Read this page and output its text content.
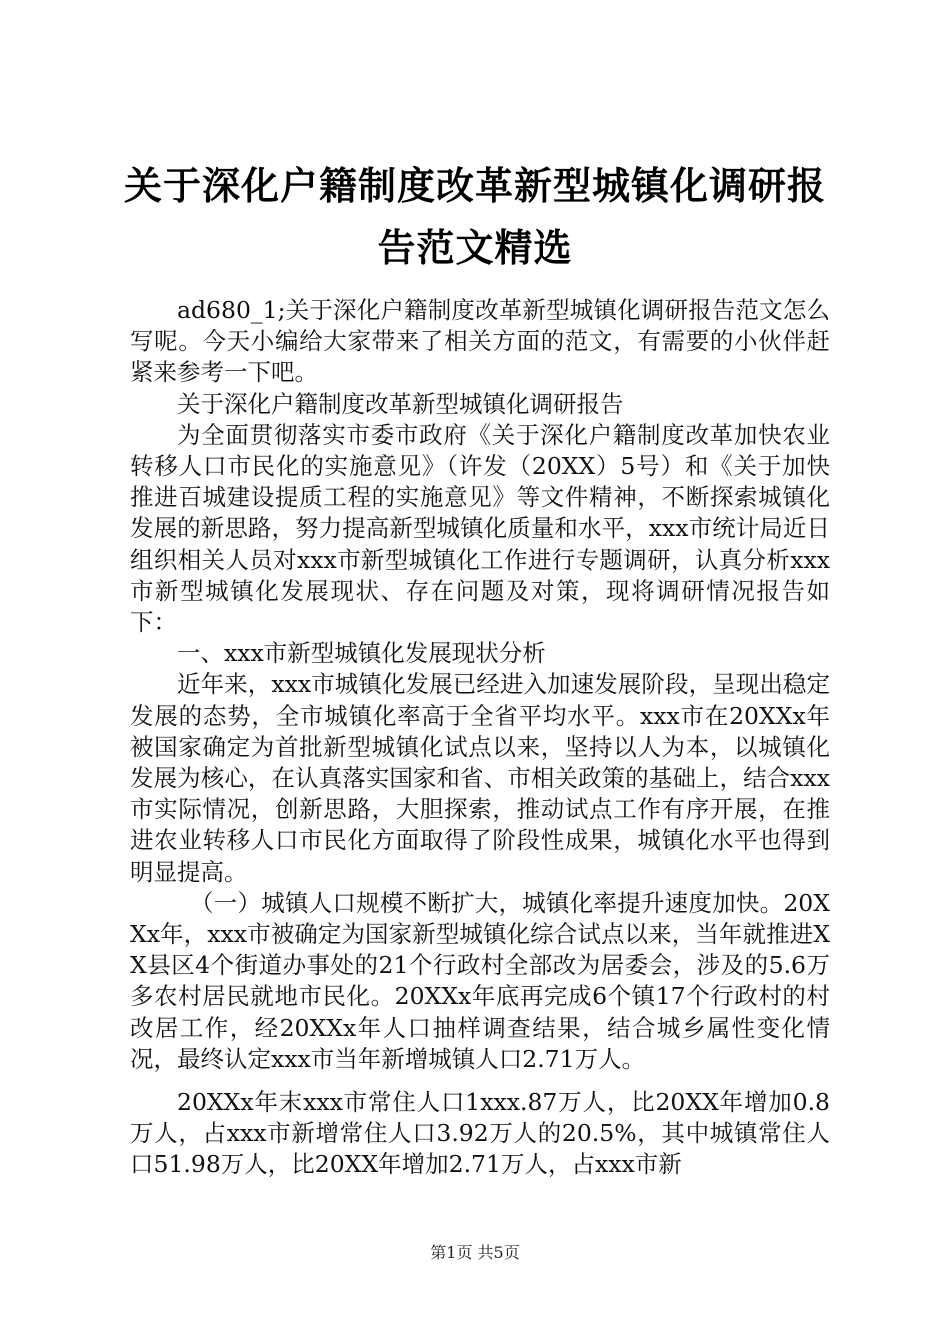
关于深化户籍制度改革新型城镇化调研报告范文精选

ad680_1;关于深化户籍制度改革新型城镇化调研报告范文怎么写呢。今天小编给大家带来了相关方面的范文，有需要的小伙伴赶紧来参考一下吧。

关于深化户籍制度改革新型城镇化调研报告

为全面贯彻落实市委市政府《关于深化户籍制度改革加快农业转移人口市民化的实施意见》（许发（20XX）5号）和《关于加快推进百城建设提质工程的实施意见》等文件精神，不断探索城镇化发展的新思路，努力提高新型城镇化质量和水平，xxx市统计局近日组织相关人员对xxx市新型城镇化工作进行专题调研，认真分析xxx市新型城镇化发展现状、存在问题及对策，现将调研情况报告如下：

一、xxx市新型城镇化发展现状分析

近年来，xxx市城镇化发展已经进入加速发展阶段，呈现出稳定发展的态势，全市城镇化率高于全省平均水平。xxx市在20XXx年被国家确定为首批新型城镇化试点以来，坚持以人为本，以城镇化发展为核心，在认真落实国家和省、市相关政策的基础上，结合xxx市实际情况，创新思路，大胆探索，推动试点工作有序开展，在推进农业转移人口市民化方面取得了阶段性成果，城镇化水平也得到明显提高。

（一）城镇人口规模不断扩大，城镇化率提升速度加快。20XXx年，xxx市被确定为国家新型城镇化综合试点以来，当年就推进XX县区4个街道办事处的21个行政村全部改为居委会，涉及的5.6万多农村居民就地市民化。20XXx年底再完成6个镇17个行政村的村改居工作，经20XXx年人口抽样调查结果，结合城乡属性变化情况，最终认定xxx市当年新增城镇人口2.71万人。

20XXx年末xxx市常住人口1xxx.87万人，比20XX年增加0.8万人，占xxx市新增常住人口3.92万人的20.5%，其中城镇常住人口51.98万人，比20XX年增加2.71万人，占xxx市新

第1页 共5页
